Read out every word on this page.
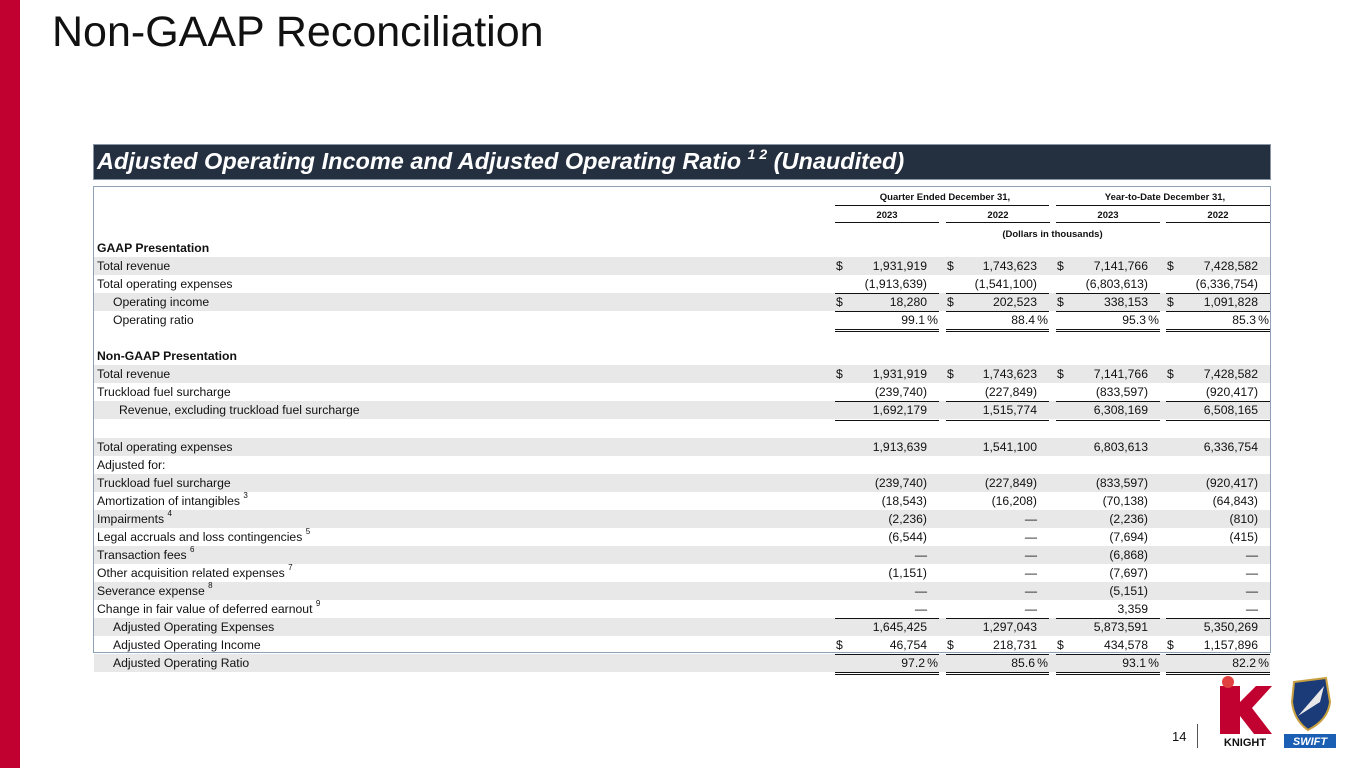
Non-GAAP Reconciliation
Adjusted Operating Income and Adjusted Operating Ratio $^{1 2}$ (Unaudited)
Quarter Ended December 31,	Year-to-Date December 31,
2023	2022	2023	2022
(Dollars in thousands)
GAAP Presentation
Total revenue	$ 1,931,919 $ 1,743,623 $ 7,141,766 $ 7,428,582
Total operating expenses	(1,913,639)	(1,541,100)	(6,803,613)	(6,336,754)
Operating income	$	18,280 $	202,523 $	338,153 $ 1,091,828
Operating ratio	99.1 %	88.4 %	95.3 %	85.3 %
Non-GAAP Presentation
Total revenue	$ 1,931,919 $ 1,743,623 $ 7,141,766 $ 7,428,582
Truckload fuel surcharge	(239,740)	(227,849)	(833,597)	(920,417)
Revenue, excluding truckload fuel surcharge	1,692,179	1,515,774	6,308,169	6,508,165
Total operating expenses	1,913,639	1,541,100	6,803,613	6,336,754
Adjusted for:
Truckload fuel surcharge	(239,740)	(227,849)	(833,597)	(920,417)
Amortization of intangibles $^3$	(18,543)	(16,208)	(70,138)	(64,843)
Impairments $^4$	(2,236)	—	(2,236)	(810)
Legal accruals and loss contingencies $^5$	(6,544)	—	(7,694)	(415)
Transaction fees $^6$	—	—	(6,868)	—
Other acquisition related expenses $^7$	(1,151)	—	(7,697)	—
Severance expense $^8$	—	—	(5,151)	—
Change in fair value of deferred earnout $^9$	—	—	3,359	—
Adjusted Operating Expenses	1,645,425	1,297,043	5,873,591	5,350,269
Adjusted Operating Income	$	46,754 $	218,731 $	434,578 $ 1,157,896
Adjusted Operating Ratio	97.2 %	85.6 %	93.1 %	82.2 %
14	KNIGHT SWIFT
